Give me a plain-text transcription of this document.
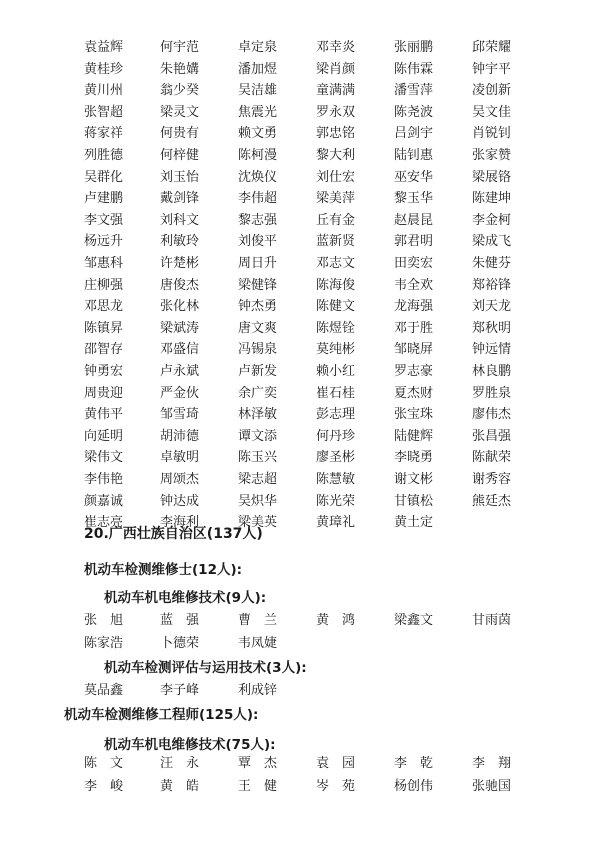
袁益辉	何宇范	卓定泉	邓幸炎	张丽鹏	邱荣耀
黄桂珍	朱艳媾	潘加煜	梁肖颜	陈伟霖	钟宇平
黄川州	翁少癸	吴洁雄	童满满	潘雪萍	凌创新
张智超	梁灵文	焦震光	罗永双	陈尧波	吴文佳
蒋家祥	何贵有	赖文勇	郭忠铭	吕剑宇	肖锐钊
列胜德	何梓健	陈柯漫	黎大利	陆钊惠	张家赞
吴群化	刘玉怡	沈焕仪	刘仕宏	巫安华	梁展铬
卢建鹏	戴剑锋	李伟超	梁美萍	黎玉华	陈建坤
李文强	刘科文	黎志强	丘有金	赵晨昆	李金柯
杨远升	利敏玲	刘俊平	蓝新贤	郭君明	梁成飞
邹惠科	许楚彬	周日升	邓志文	田奕宏	朱健芬
庄柳强	唐俊杰	梁健锋	陈海俊	韦全欢	郑裕锋
邓思龙	张化林	钟杰勇	陈健文	龙海强	刘天龙
陈镇昇	梁斌涛	唐文爽	陈煜铨	邓于胜	郑秋明
邵智存	邓盛信	冯锡泉	莫纯彬	邹晓屏	钟远情
钟勇宏	卢永斌	卢新发	赖小红	罗志豪	林良鹏
周贵迎	严金伙	余广奕	崔石桂	夏杰财	罗胜泉
黄伟平	邹雪琦	林泽敏	彭志理	张宝珠	廖伟杰
向延明	胡沛德	谭文添	何丹珍	陆健辉	张昌强
梁伟文	卓敏明	陈玉兴	廖圣彬	李晓勇	陈献荣
李伟艳	周颂杰	梁志超	陈慧敏	谢文彬	谢秀容
颜嘉诚	钟达成	吴炽华	陈光荣	甘镇松	熊廷杰
崔志亮	李海利	梁美英	黄璋礼	黄土定
20.广西壮族自治区(137人)
机动车检测维修士(12人):
机动车机电维修技术(9人):
张　旭	蓝　强	曹　兰	黄　鸿	梁鑫文	甘雨茵
陈家浩	卜德荣	韦凤婕
机动车检测评估与运用技术(3人):
莫品鑫	李子峰	利成锌
机动车检测维修工程师(125人):
机动车机电维修技术(75人):
陈　文	汪　永	覃　杰	袁　园	李　乾	李　翔
李　峻	黄　皓	王　健	岑　苑	杨创伟	张驰国
